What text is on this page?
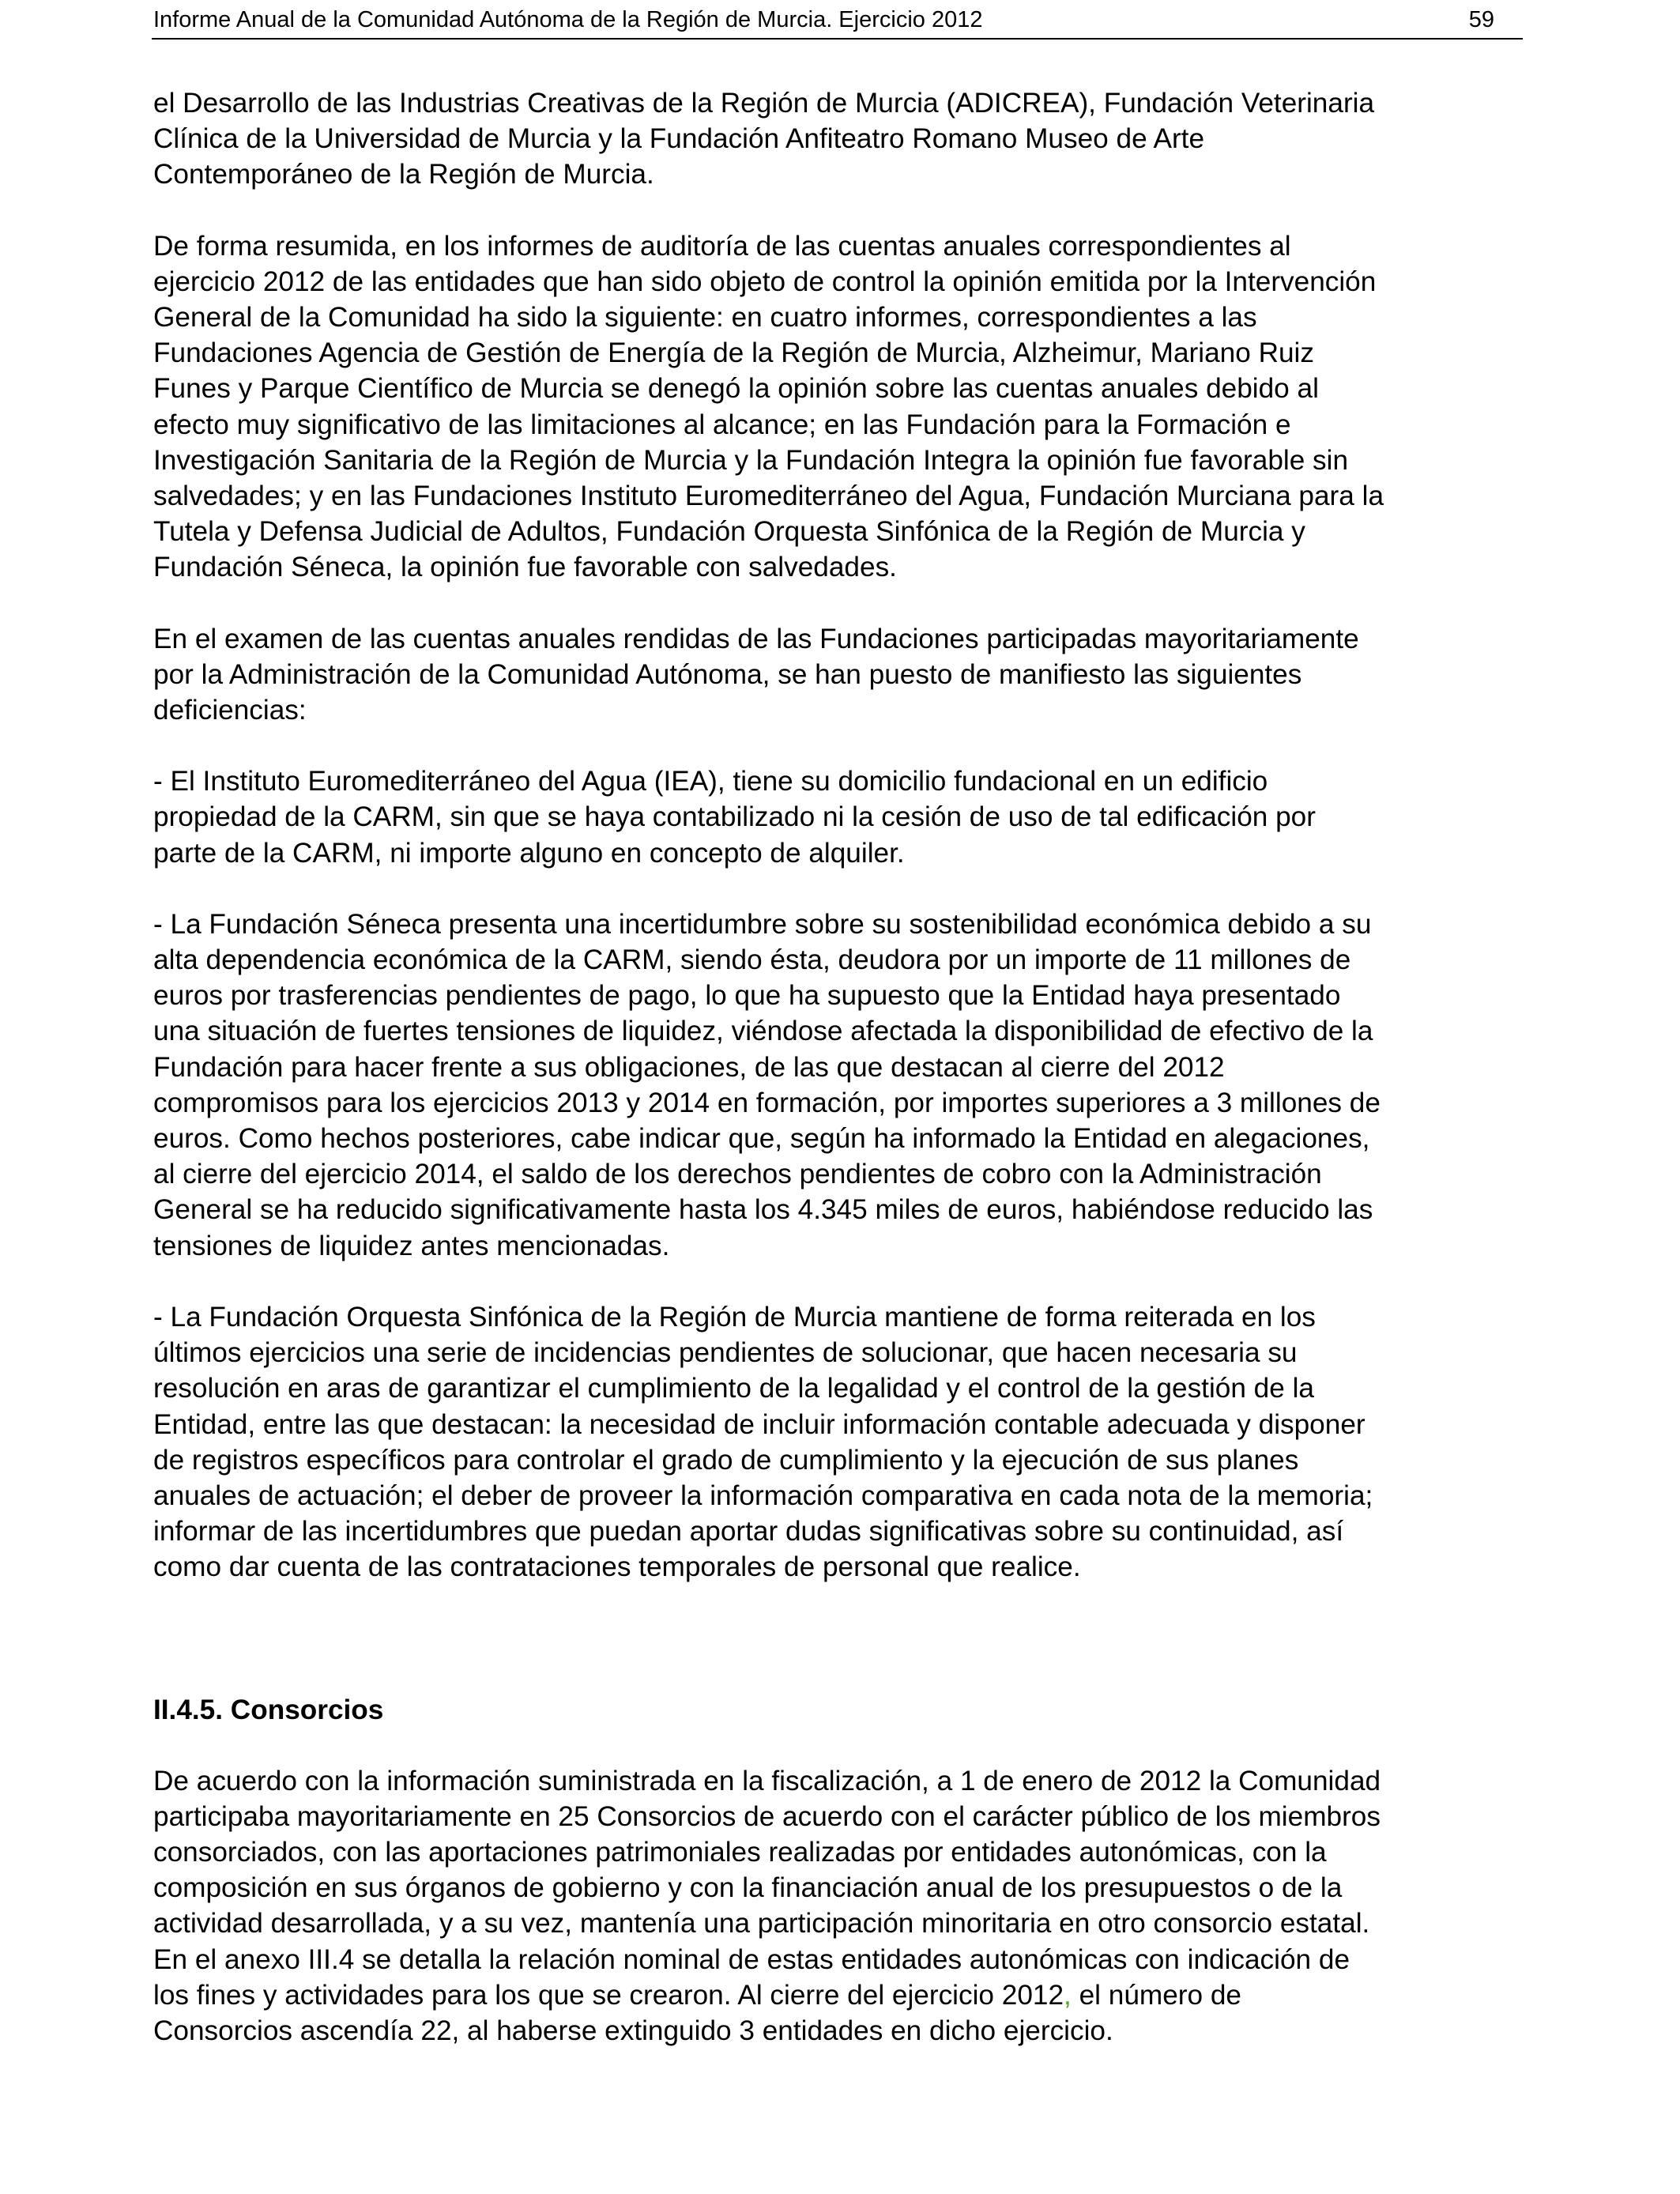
Informe Anual de la Comunidad Autónoma de la Región de Murcia. Ejercicio 2012	59

el Desarrollo de las Industrias Creativas de la Región de Murcia (ADICREA), Fundación Veterinaria
Clínica de la Universidad de Murcia y la Fundación Anfiteatro Romano Museo de Arte
Contemporáneo de la Región de Murcia.

De forma resumida, en los informes de auditoría de las cuentas anuales correspondientes al
ejercicio 2012 de las entidades que han sido objeto de control la opinión emitida por la Intervención
General de la Comunidad ha sido la siguiente: en cuatro informes, correspondientes a las
Fundaciones Agencia de Gestión de Energía de la Región de Murcia, Alzheimur, Mariano Ruiz
Funes y Parque Científico de Murcia se denegó la opinión sobre las cuentas anuales debido al
efecto muy significativo de las limitaciones al alcance; en las Fundación para la Formación e
Investigación Sanitaria de la Región de Murcia y la Fundación Integra la opinión fue favorable sin
salvedades; y en las Fundaciones Instituto Euromediterráneo del Agua, Fundación Murciana para la
Tutela y Defensa Judicial de Adultos, Fundación Orquesta Sinfónica de la Región de Murcia y
Fundación Séneca, la opinión fue favorable con salvedades.

En el examen de las cuentas anuales rendidas de las Fundaciones participadas mayoritariamente
por la Administración de la Comunidad Autónoma, se han puesto de manifiesto las siguientes
deficiencias:

- El Instituto Euromediterráneo del Agua (IEA), tiene su domicilio fundacional en un edificio
propiedad de la CARM, sin que se haya contabilizado ni la cesión de uso de tal edificación por
parte de la CARM, ni importe alguno en concepto de alquiler.

- La Fundación Séneca presenta una incertidumbre sobre su sostenibilidad económica debido a su
alta dependencia económica de la CARM, siendo ésta, deudora por un importe de 11 millones de
euros por trasferencias pendientes de pago, lo que ha supuesto que la Entidad haya presentado
una situación de fuertes tensiones de liquidez, viéndose afectada la disponibilidad de efectivo de la
Fundación para hacer frente a sus obligaciones, de las que destacan al cierre del 2012
compromisos para los ejercicios 2013 y 2014 en formación, por importes superiores a 3 millones de
euros. Como hechos posteriores, cabe indicar que, según ha informado la Entidad en alegaciones,
al cierre del ejercicio 2014, el saldo de los derechos pendientes de cobro con la Administración
General se ha reducido significativamente hasta los 4.345 miles de euros, habiéndose reducido las
tensiones de liquidez antes mencionadas.

- La Fundación Orquesta Sinfónica de la Región de Murcia mantiene de forma reiterada en los
últimos ejercicios una serie de incidencias pendientes de solucionar, que hacen necesaria su
resolución en aras de garantizar el cumplimiento de la legalidad y el control de la gestión de la
Entidad, entre las que destacan: la necesidad de incluir información contable adecuada y disponer
de registros específicos para controlar el grado de cumplimiento y la ejecución de sus planes
anuales de actuación; el deber de proveer la información comparativa en cada nota de la memoria;
informar de las incertidumbres que puedan aportar dudas significativas sobre su continuidad, así
como dar cuenta de las contrataciones temporales de personal que realice.

II.4.5. Consorcios

De acuerdo con la información suministrada en la fiscalización, a 1 de enero de 2012 la Comunidad
participaba mayoritariamente en 25 Consorcios de acuerdo con el carácter público de los miembros
consorciados, con las aportaciones patrimoniales realizadas por entidades autonómicas, con la
composición en sus órganos de gobierno y con la financiación anual de los presupuestos o de la
actividad desarrollada, y a su vez, mantenía una participación minoritaria en otro consorcio estatal.
En el anexo III.4 se detalla la relación nominal de estas entidades autonómicas con indicación de
los fines y actividades para los que se crearon. Al cierre del ejercicio 2012, el número de
Consorcios ascendía 22, al haberse extinguido 3 entidades en dicho ejercicio.
